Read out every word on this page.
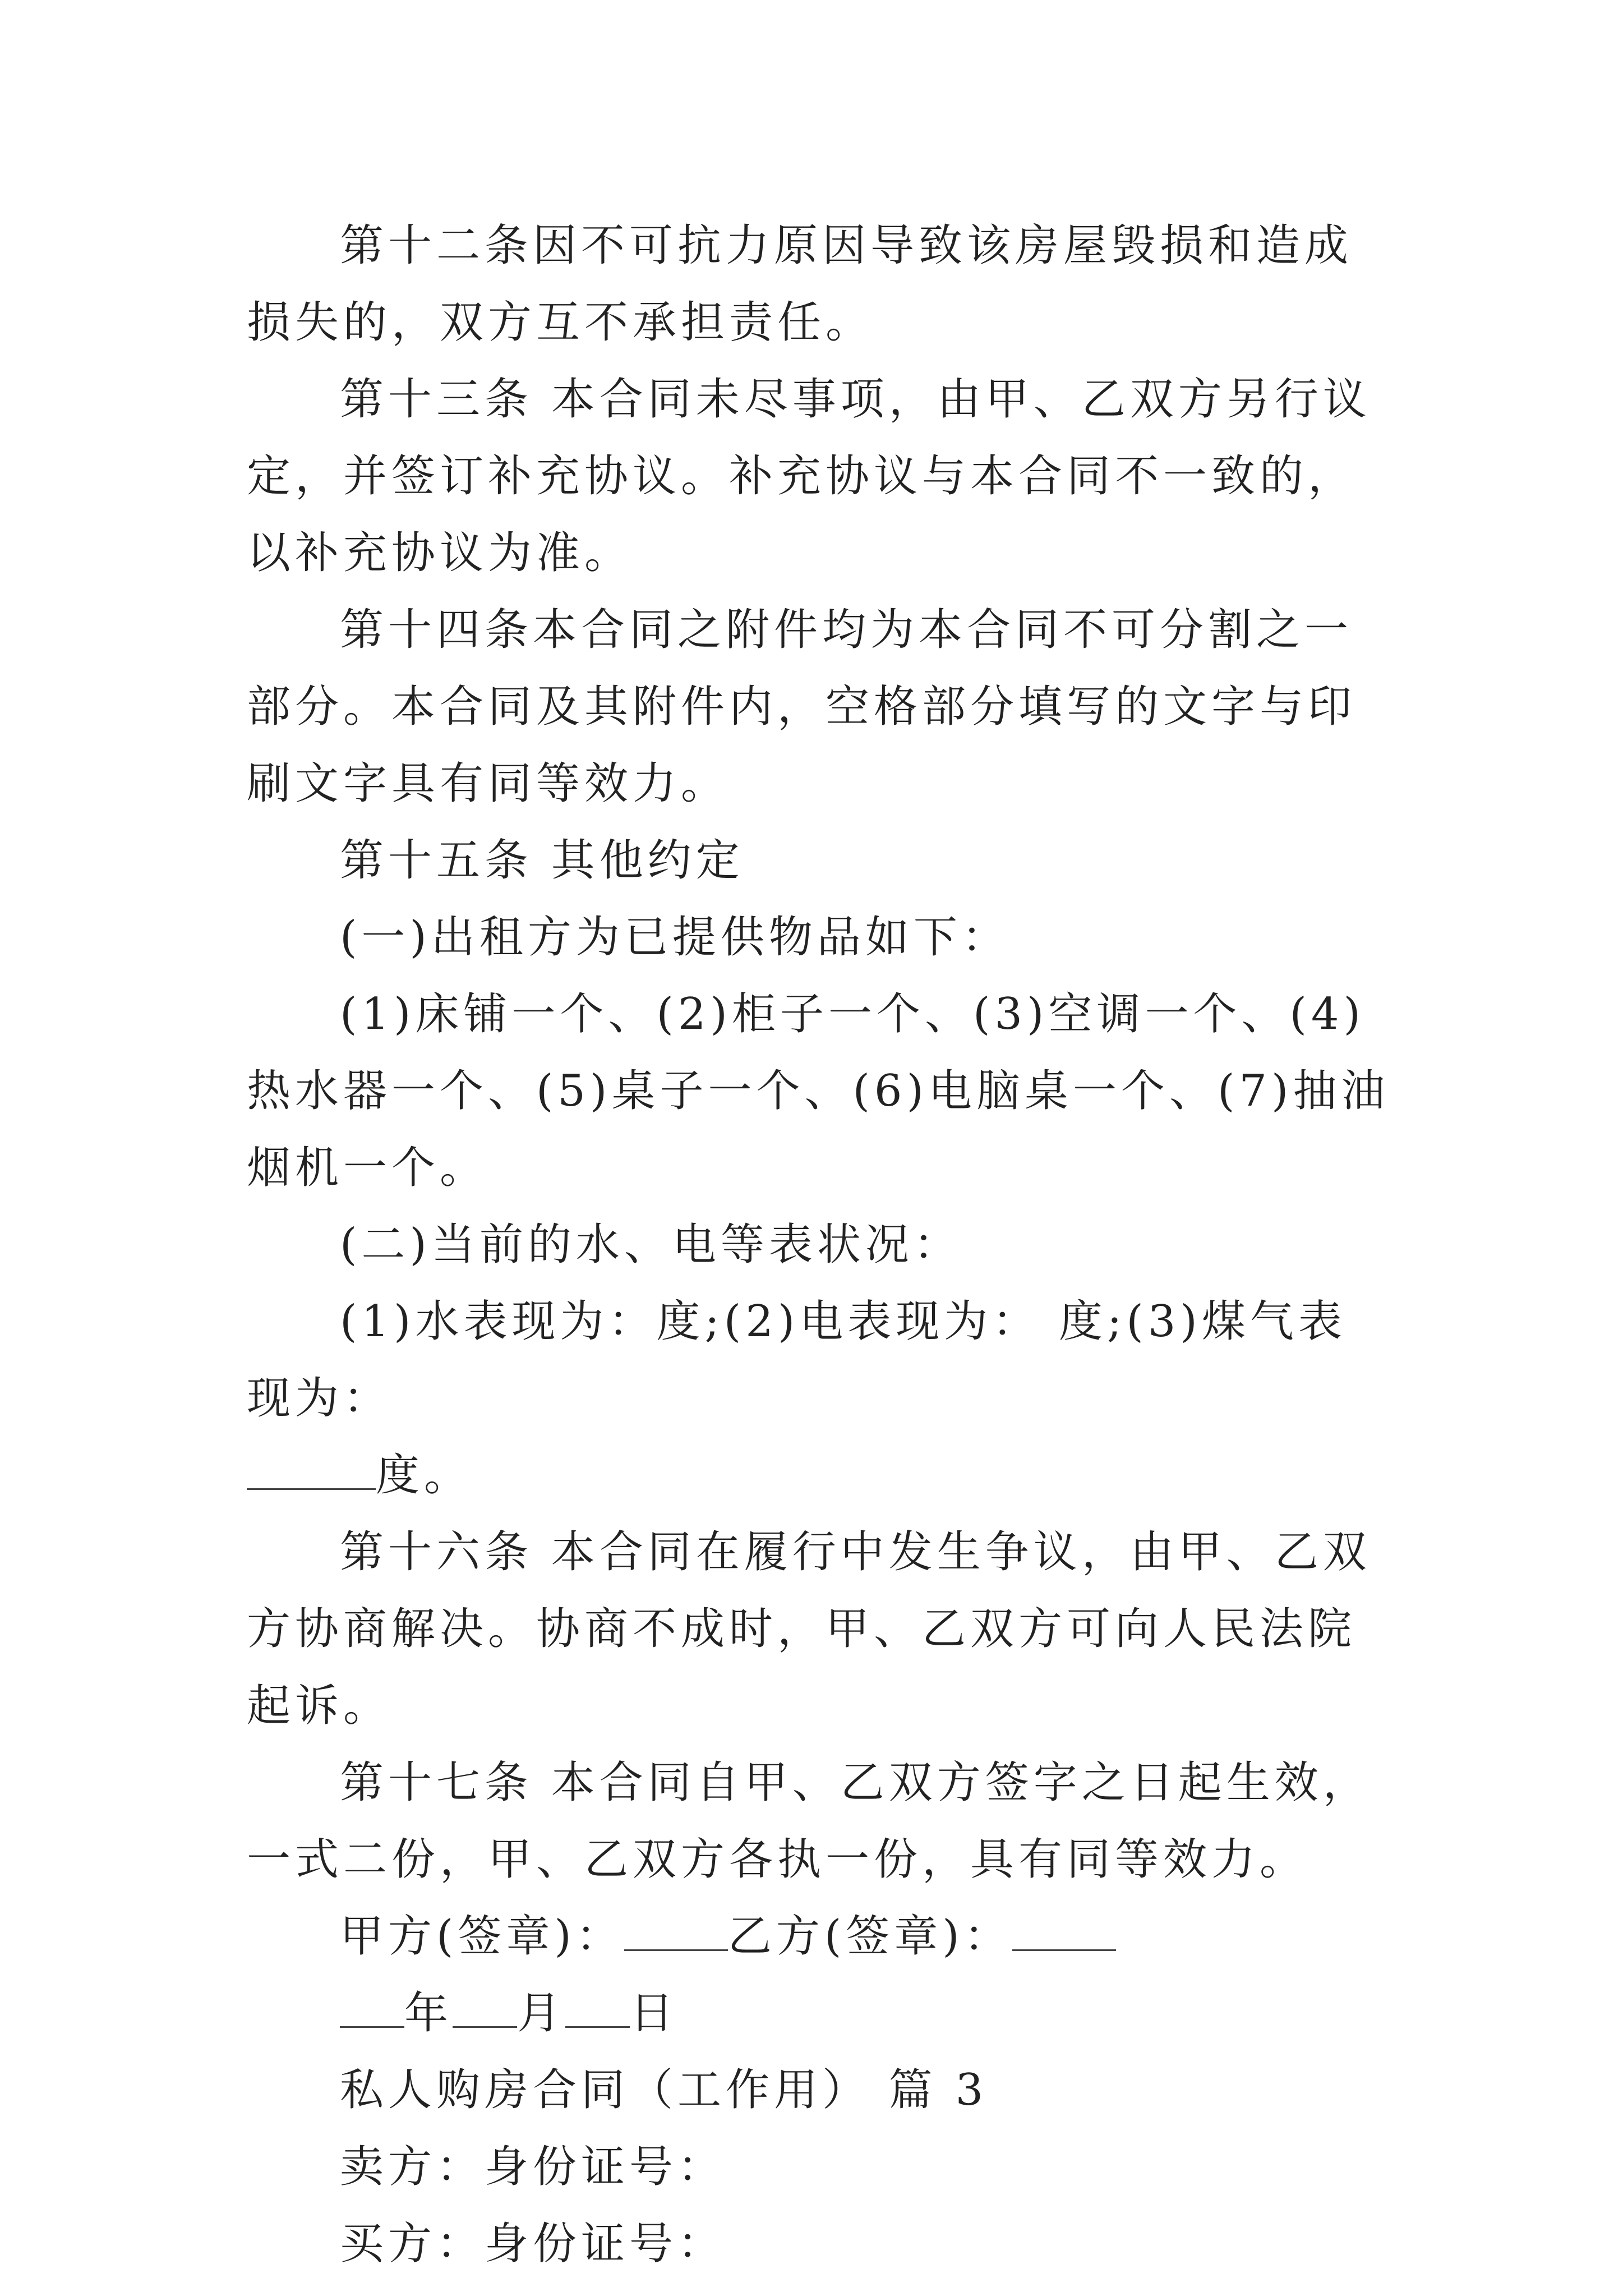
第十二条因不可抗力原因导致该房屋毁损和造成损失的，双方互不承担责任。

第十三条 本合同未尽事项，由甲、乙双方另行议定，并签订补充协议。补充协议与本合同不一致的，以补充协议为准。

第十四条本合同之附件均为本合同不可分割之一部分。本合同及其附件内，空格部分填写的文字与印刷文字具有同等效力。

第十五条 其他约定

(一)出租方为已提供物品如下：

(1)床铺一个、(2)柜子一个、(3)空调一个、(4)热水器一个、(5)桌子一个、(6)电脑桌一个、(7)抽油烟机一个。

(二)当前的水、电等表状况：

(1)水表现为：度;(2)电表现为： 度;(3)煤气表现为：

度。

第十六条 本合同在履行中发生争议，由甲、乙双方协商解决。协商不成时，甲、乙双方可向人民法院起诉。

第十七条 本合同自甲、乙双方签字之日起生效，一式二份，甲、乙双方各执一份，具有同等效力。

甲方(签章)： 乙方(签章)：

年 月 日

私人购房合同（工作用） 篇 3

卖方：身份证号：

买方：身份证号：
